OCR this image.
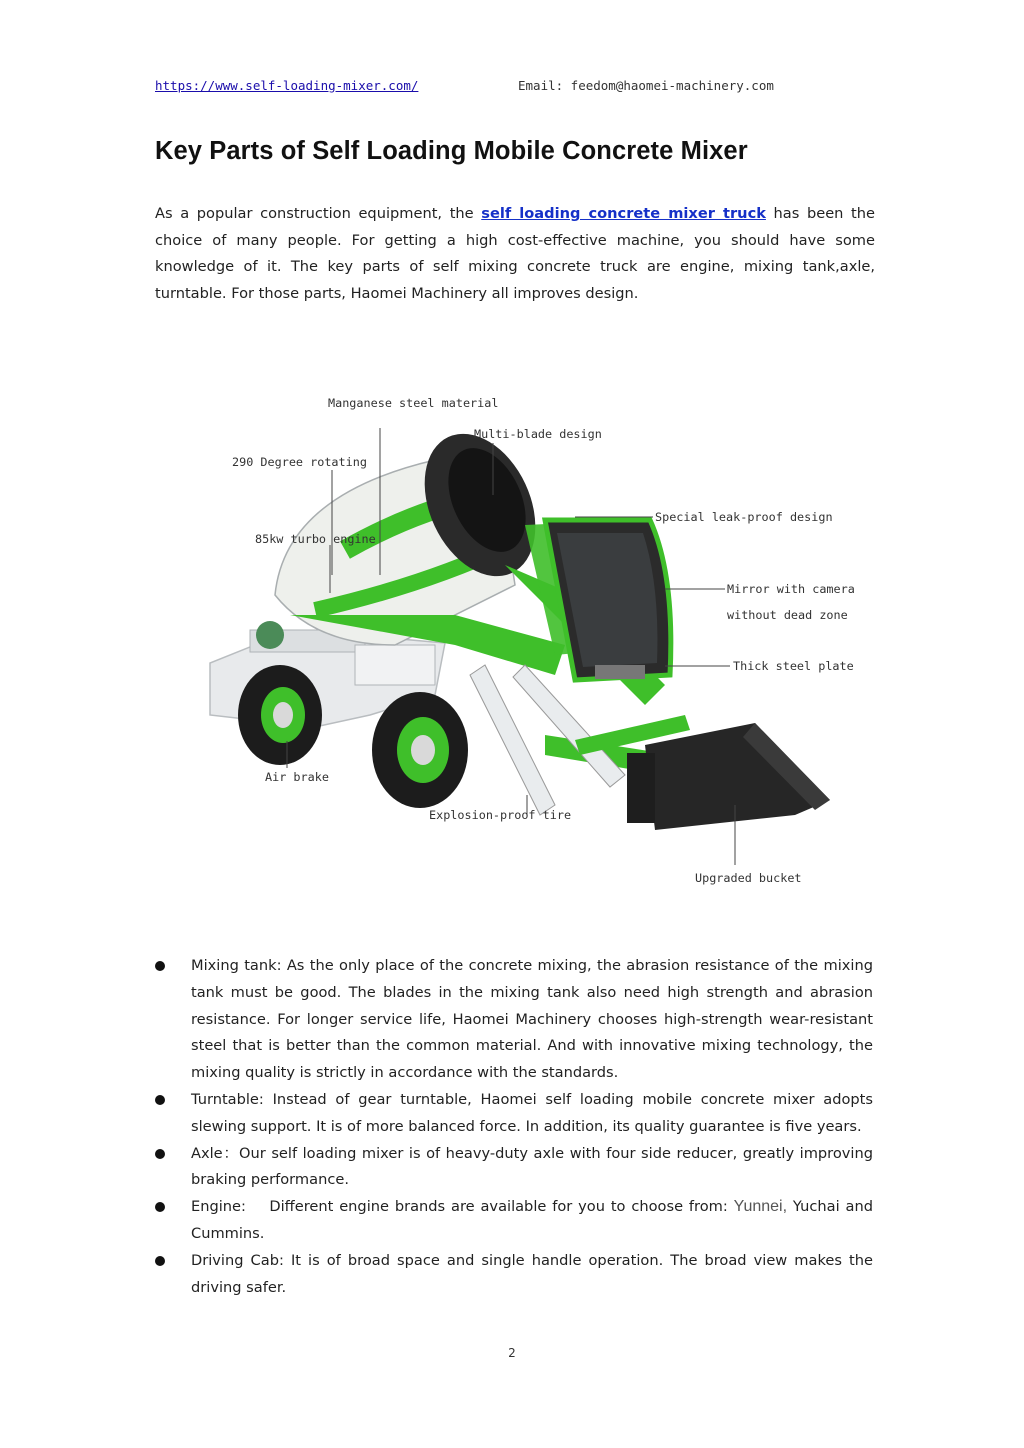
https://www.self-loading-mixer.com/	Email: feedom@haomei-machinery.com
Key Parts of Self Loading Mobile Concrete Mixer
As a popular construction equipment, the self loading concrete mixer truck has been the choice of many people. For getting a high cost-effective machine, you should have some knowledge of it. The key parts of self mixing concrete truck are engine, mixing tank,axle, turntable. For those parts, Haomei Machinery all improves design.
Manganese steel material
Multi-blade design
290 Degree rotating
85kw turbo engine
Special leak-proof design
Mirror with camera
without dead zone
Thick steel plate
Air brake
Explosion-proof tire
Upgraded bucket
Mixing tank: As the only place of the concrete mixing, the abrasion resistance of the mixing tank must be good. The blades in the mixing tank also need high strength and abrasion resistance. For longer service life, Haomei Machinery chooses high-strength wear-resistant steel that is better than the common material. And with innovative mixing technology, the mixing quality is strictly in accordance with the standards.
Turntable: Instead of gear turntable, Haomei self loading mobile concrete mixer adopts slewing support. It is of more balanced force. In addition, its quality guarantee is five years.
Axle：Our self loading mixer is of heavy-duty axle with four side reducer, greatly improving braking performance.
Engine:    Different engine brands are available for you to choose from: Yunnei, Yuchai and Cummins.
Driving Cab: It is of broad space and single handle operation. The broad view makes the driving safer.
2
